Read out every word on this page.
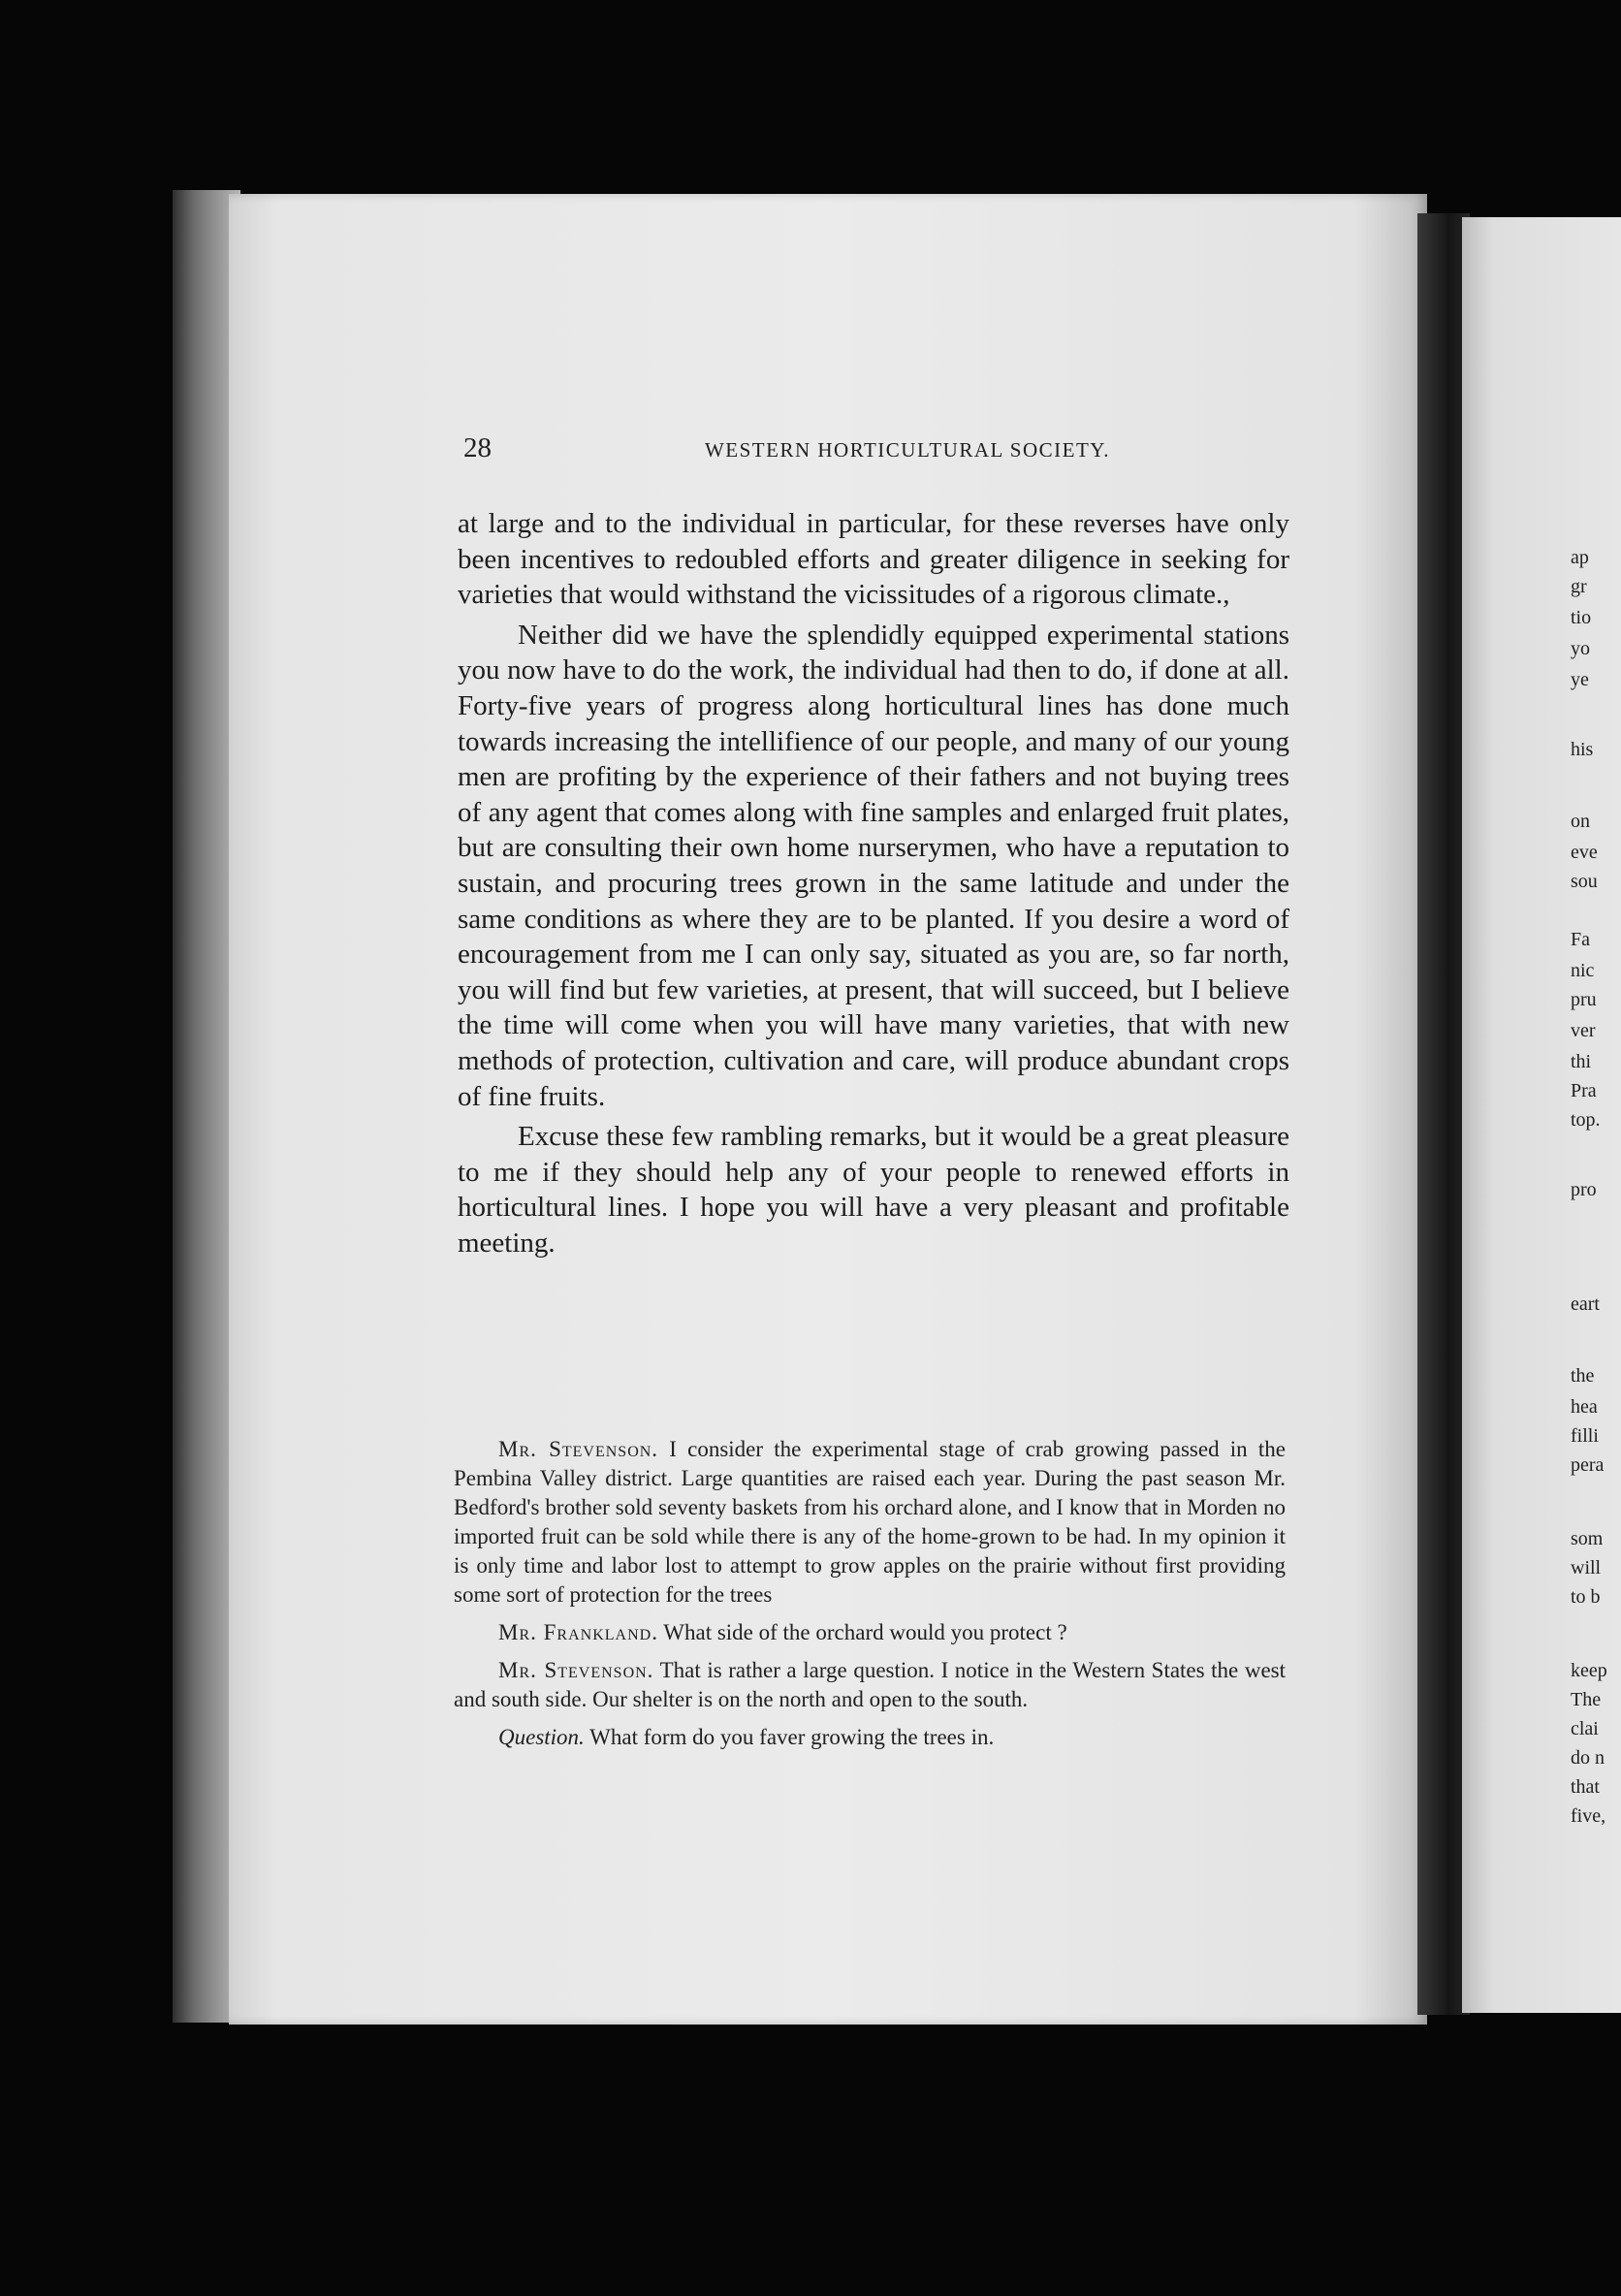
28	WESTERN HORTICULTURAL SOCIETY.

at large and to the individual in particular, for these reverses have only been incentives to redoubled efforts and greater diligence in seeking for varieties that would withstand the vicissitudes of a rigorous climate.,

Neither did we have the splendidly equipped experimental stations you now have to do the work, the individual had then to do, if done at all. Forty-five years of progress along horticultural lines has done much towards increasing the intellifience of our people, and many of our young men are profiting by the experience of their fathers and not buying trees of any agent that comes along with fine samples and enlarged fruit plates, but are consulting their own home nurserymen, who have a reputation to sustain, and procuring trees grown in the same latitude and under the same conditions as where they are to be planted. If you desire a word of encouragement from me I can only say, situated as you are, so far north, you will find but few varieties, at present, that will succeed, but I believe the time will come when you will have many varieties, that with new methods of protection, cultivation and care, will produce abundant crops of fine fruits.

Excuse these few rambling remarks, but it would be a great pleasure to me if they should help any of your people to renewed efforts in horticultural lines. I hope you will have a very pleasant and profitable meeting.

Mr. Stevenson. I consider the experimental stage of crab growing passed in the Pembina Valley district. Large quantities are raised each year. During the past season Mr. Bedford's brother sold seventy baskets from his orchard alone, and I know that in Morden no imported fruit can be sold while there is any of the home-grown to be had. In my opinion it is only time and labor lost to attempt to grow apples on the prairie without first providing some sort of protection for the trees

Mr. Frankland. What side of the orchard would you protect ?

Mr. Stevenson. That is rather a large question. I notice in the Western States the west and south side. Our shelter is on the north and open to the south.

Question. What form do you faver growing the trees in.

ap
gr
tio
yo
ye
his
on
eve
sou
Fa
nic
pru
ver
thi
Pra
top.
pro
eart
the
hea
filli
pera
som
will
to b
keep
The
clai
do n
that
five,
